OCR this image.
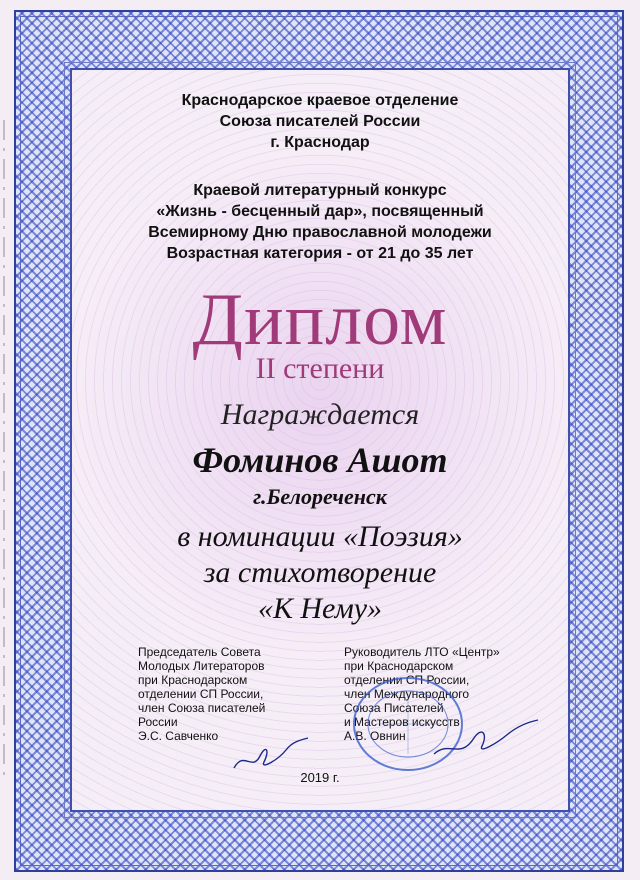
Краснодарское краевое отделение
Союза писателей России
г. Краснодар
Краевой литературный конкурс
«Жизнь - бесценный дар», посвященный
Всемирному Дню православной молодежи
Возрастная категория - от 21 до 35 лет
Диплом
II степени
Награждается
Фоминов Ашот
г.Белореченск
в номинации «Поэзия»
за стихотворение
«К Нему»
Председатель Совета
Молодых Литераторов
при Краснодарском
отделении СП России,
член Союза писателей
России
Э.С. Савченко
Руководитель ЛТО «Центр»
при Краснодарском
отделении СП России,
член Международного
Союза Писателей
и Мастеров искусств
А.В. Овнин
2019 г.
